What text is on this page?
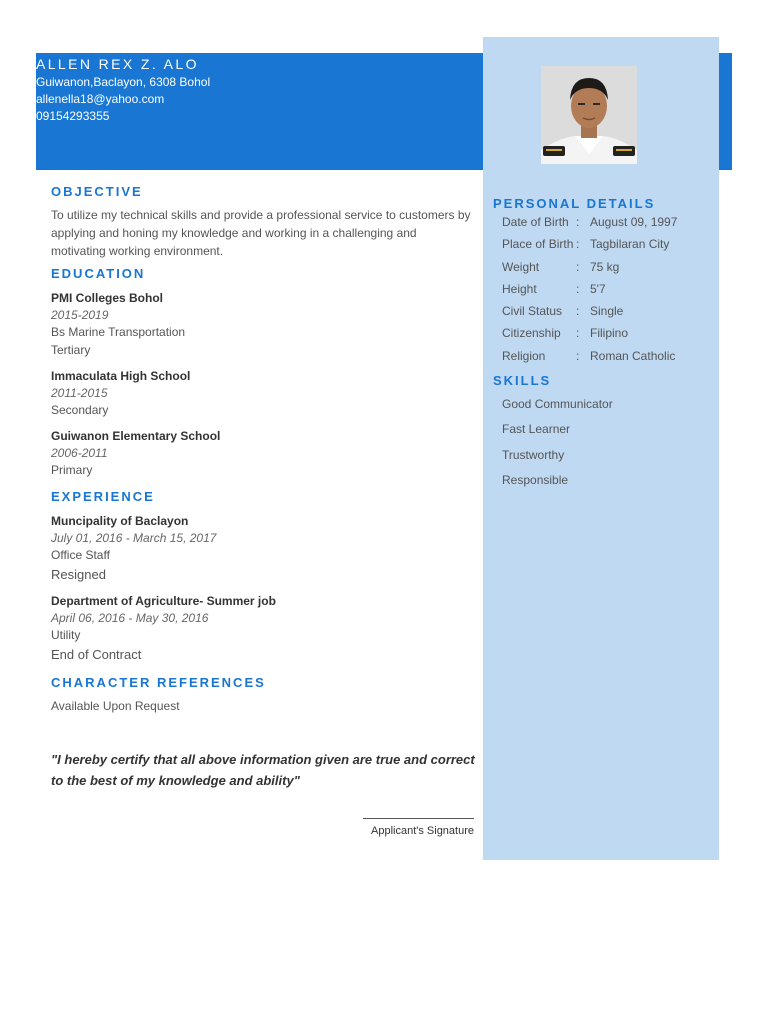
ALLEN REX Z. ALO
Guiwanon,Baclayon, 6308 Bohol
allenella18@yahoo.com
09154293355
OBJECTIVE
To utilize my technical skills and provide a professional service to customers by applying and honing my knowledge and working in a challenging and motivating working environment.
EDUCATION
PMI Colleges Bohol
2015-2019
Bs Marine Transportation
Tertiary
Immaculata High School
2011-2015
Secondary
Guiwanon Elementary School
2006-2011
Primary
EXPERIENCE
Muncipality of Baclayon
July 01, 2016 - March 15, 2017
Office Staff
Resigned
Department of Agriculture- Summer job
April 06, 2016 - May 30, 2016
Utility
End of Contract
CHARACTER REFERENCES
Available Upon Request
"I hereby certify that all above information given are true and correct to the best of my knowledge and ability"
Applicant's Signature
PERSONAL DETAILS
Date of Birth : August 09, 1997
Place of Birth : Tagbilaran City
Weight	: 75 kg
Height	: 5'7
Civil Status : Single
Citizenship : Filipino
Religion	: Roman Catholic
SKILLS
Good Communicator
Fast Learner
Trustworthy
Responsible
